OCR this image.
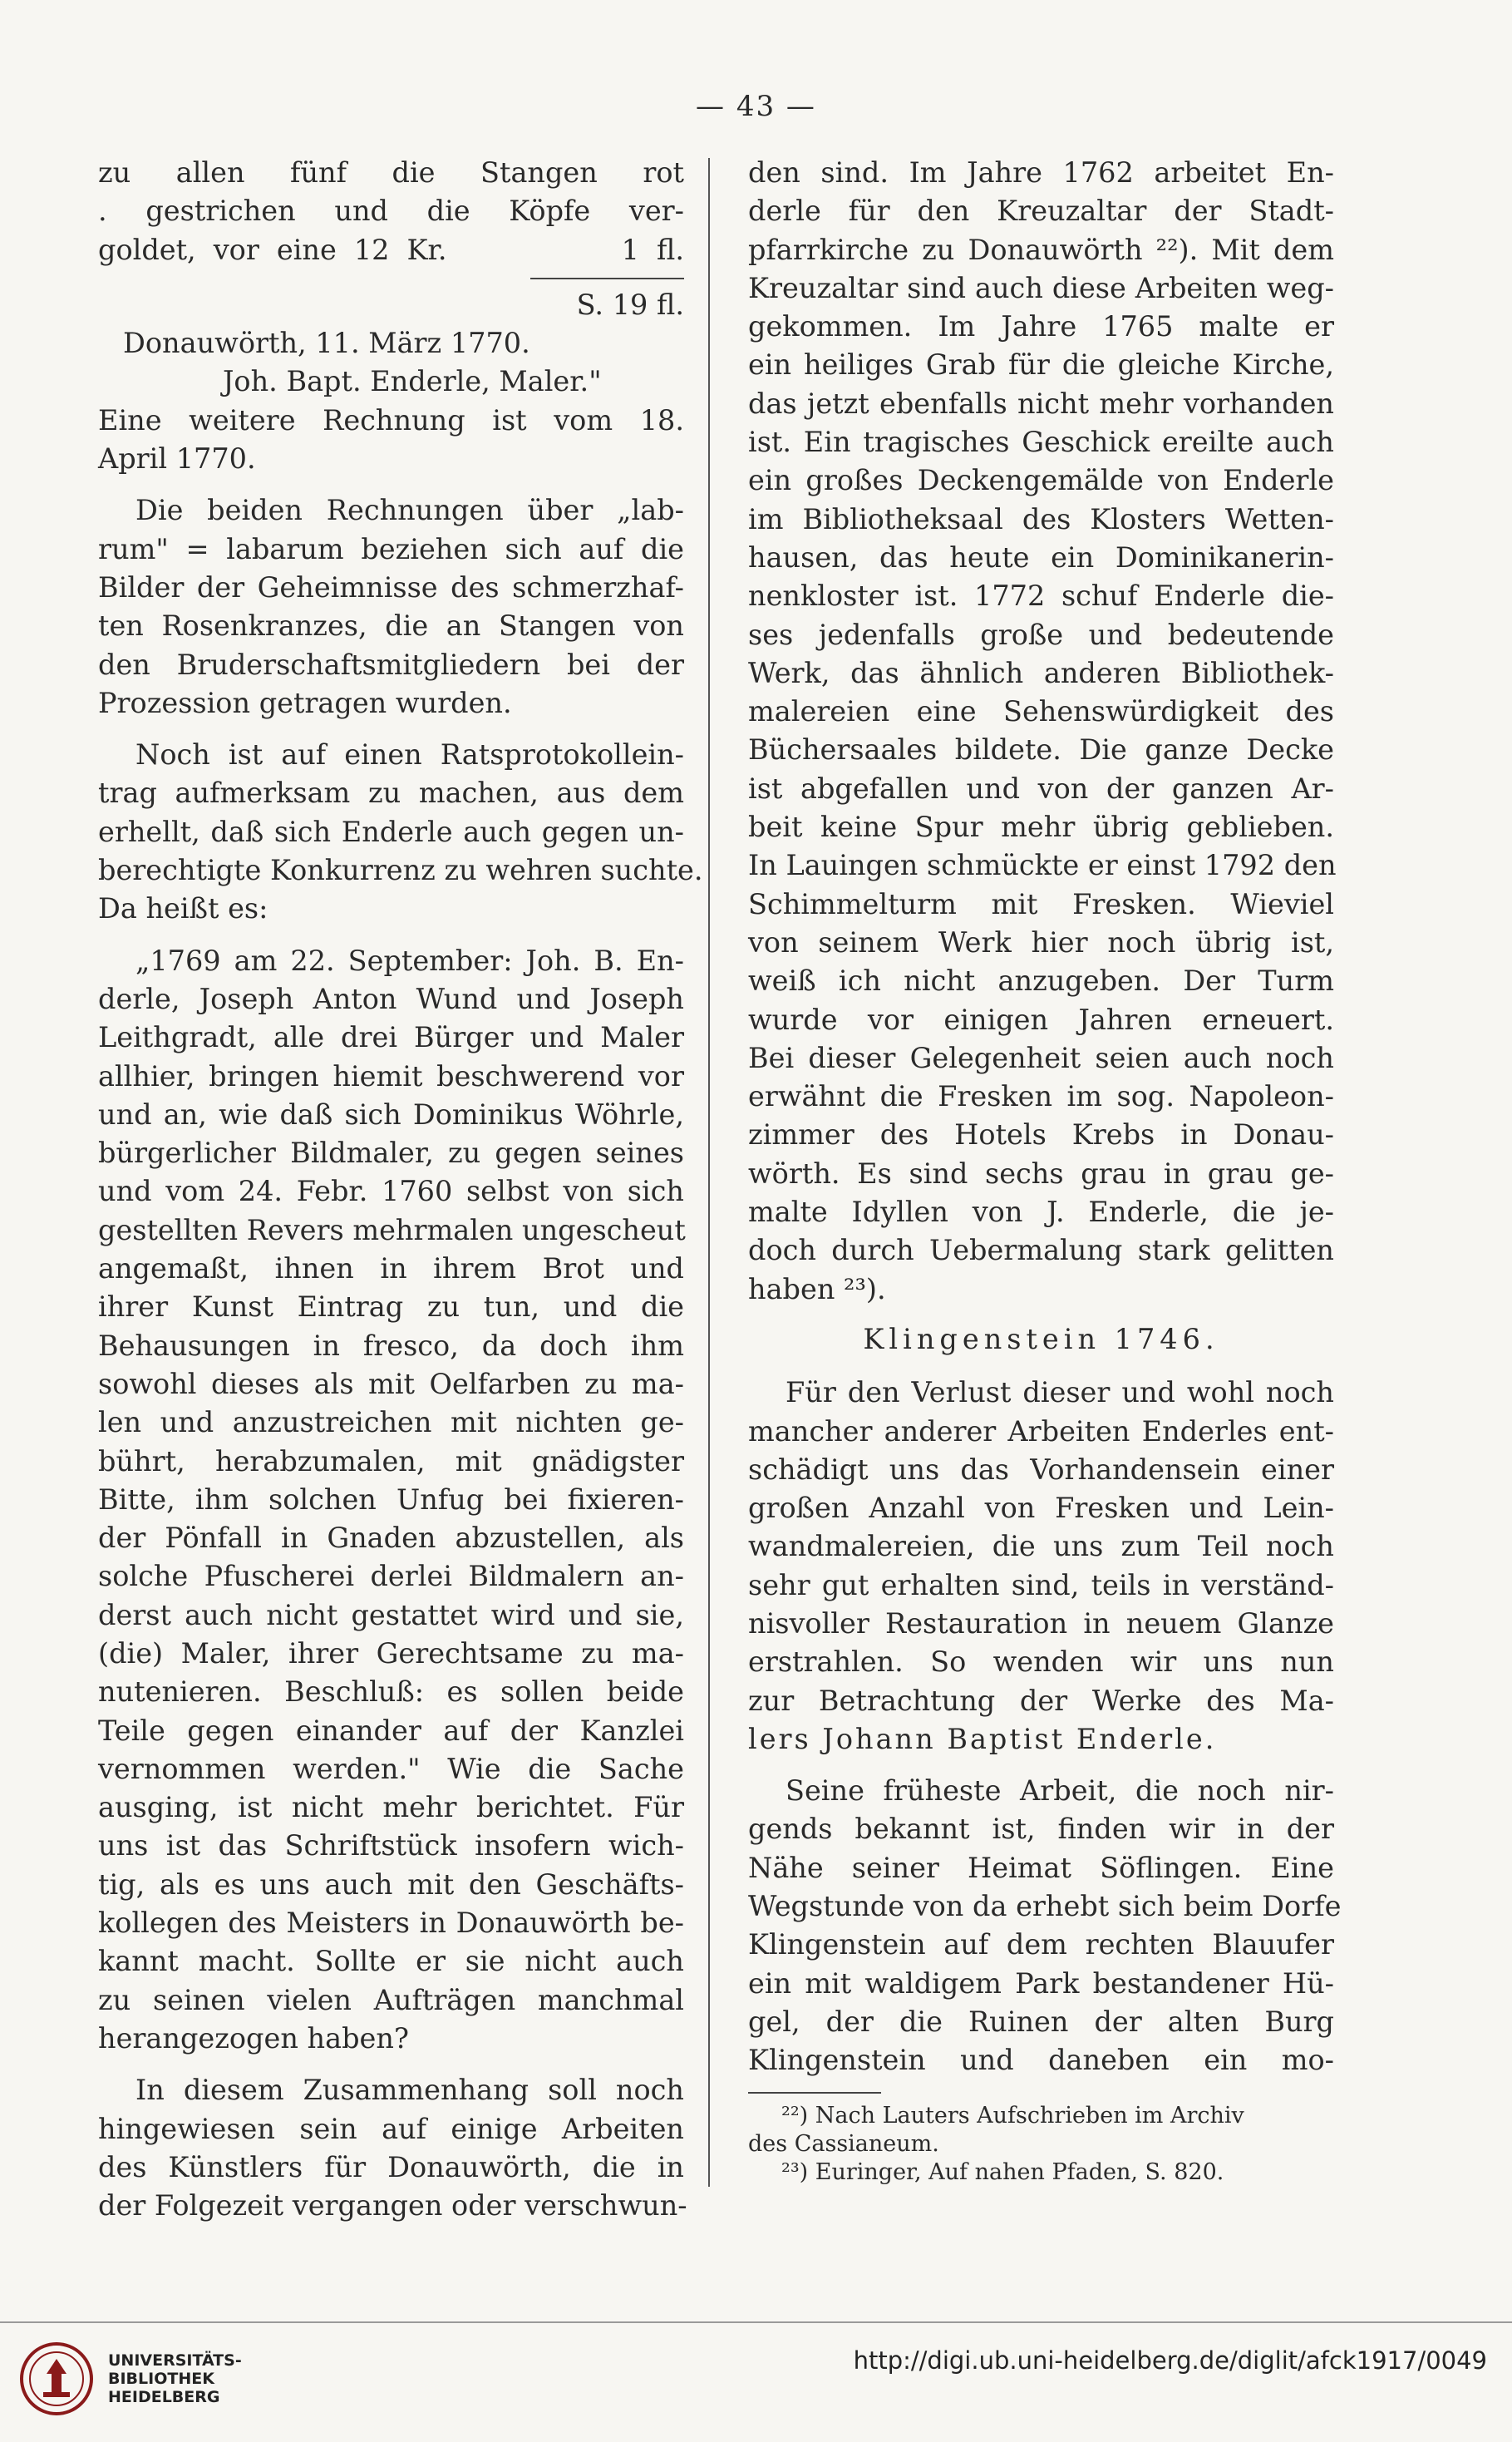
— 43 —
zu allen fünf die Stangen rot
. gestrichen und die Köpfe ver-
goldet, vor eine 12 Kr.          1 fl.
S. 19 fl.
Donauwörth, 11. März 1770.
Joh. Bapt. Enderle, Maler."
Eine weitere Rechnung ist vom 18.
April 1770.
Die beiden Rechnungen über „lab-
rum" = labarum beziehen sich auf die
Bilder der Geheimnisse des schmerzhaf-
ten Rosenkranzes, die an Stangen von
den Bruderschaftsmitgliedern bei der
Prozession getragen wurden.
Noch ist auf einen Ratsprotokollein-
trag aufmerksam zu machen, aus dem
erhellt, daß sich Enderle auch gegen un-
berechtigte Konkurrenz zu wehren suchte.
Da heißt es:
„1769 am 22. September: Joh. B. En-
derle, Joseph Anton Wund und Joseph
Leithgradt, alle drei Bürger und Maler
allhier, bringen hiemit beschwerend vor
und an, wie daß sich Dominikus Wöhrle,
bürgerlicher Bildmaler, zu gegen seines
und vom 24. Febr. 1760 selbst von sich
gestellten Revers mehrmalen ungescheut
angemaßt, ihnen in ihrem Brot und
ihrer Kunst Eintrag zu tun, und die
Behausungen in fresco, da doch ihm
sowohl dieses als mit Oelfarben zu ma-
len und anzustreichen mit nichten ge-
bührt, herabzumalen, mit gnädigster
Bitte, ihm solchen Unfug bei fixieren-
der Pönfall in Gnaden abzustellen, als
solche Pfuscherei derlei Bildmalern an-
derst auch nicht gestattet wird und sie,
(die) Maler, ihrer Gerechtsame zu ma-
nutenieren. Beschluß: es sollen beide
Teile gegen einander auf der Kanzlei
vernommen werden." Wie die Sache
ausging, ist nicht mehr berichtet. Für
uns ist das Schriftstück insofern wich-
tig, als es uns auch mit den Geschäfts-
kollegen des Meisters in Donauwörth be-
kannt macht. Sollte er sie nicht auch
zu seinen vielen Aufträgen manchmal
herangezogen haben?
In diesem Zusammenhang soll noch
hingewiesen sein auf einige Arbeiten
des Künstlers für Donauwörth, die in
der Folgezeit vergangen oder verschwun-
den sind. Im Jahre 1762 arbeitet En-
derle für den Kreuzaltar der Stadt-
pfarrkirche zu Donauwörth ²²). Mit dem
Kreuzaltar sind auch diese Arbeiten weg-
gekommen. Im Jahre 1765 malte er
ein heiliges Grab für die gleiche Kirche,
das jetzt ebenfalls nicht mehr vorhanden
ist. Ein tragisches Geschick ereilte auch
ein großes Deckengemälde von Enderle
im Bibliotheksaal des Klosters Wetten-
hausen, das heute ein Dominikanerin-
nenkloster ist. 1772 schuf Enderle die-
ses jedenfalls große und bedeutende
Werk, das ähnlich anderen Bibliothek-
malereien eine Sehenswürdigkeit des
Büchersaales bildete. Die ganze Decke
ist abgefallen und von der ganzen Ar-
beit keine Spur mehr übrig geblieben.
In Lauingen schmückte er einst 1792 den
Schimmelturm mit Fresken. Wieviel
von seinem Werk hier noch übrig ist,
weiß ich nicht anzugeben. Der Turm
wurde vor einigen Jahren erneuert.
Bei dieser Gelegenheit seien auch noch
erwähnt die Fresken im sog. Napoleon-
zimmer des Hotels Krebs in Donau-
wörth. Es sind sechs grau in grau ge-
malte Idyllen von J. Enderle, die je-
doch durch Uebermalung stark gelitten
haben ²³).
Klingenstein 1746.
Für den Verlust dieser und wohl noch
mancher anderer Arbeiten Enderles ent-
schädigt uns das Vorhandensein einer
großen Anzahl von Fresken und Lein-
wandmalereien, die uns zum Teil noch
sehr gut erhalten sind, teils in verständ-
nisvoller Restauration in neuem Glanze
erstrahlen. So wenden wir uns nun
zur Betrachtung der Werke des Ma-
lers Johann Baptist Enderle.
Seine früheste Arbeit, die noch nir-
gends bekannt ist, finden wir in der
Nähe seiner Heimat Söflingen. Eine
Wegstunde von da erhebt sich beim Dorfe
Klingenstein auf dem rechten Blauufer
ein mit waldigem Park bestandener Hü-
gel, der die Ruinen der alten Burg
Klingenstein und daneben ein mo-
²²) Nach Lauters Aufschrieben im Archiv
des Cassianeum.
²³) Euringer, Auf nahen Pfaden, S. 820.
UNIVERSITÄTS-
BIBLIOTHEK
HEIDELBERG
http://digi.ub.uni-heidelberg.de/diglit/afck1917/0049
